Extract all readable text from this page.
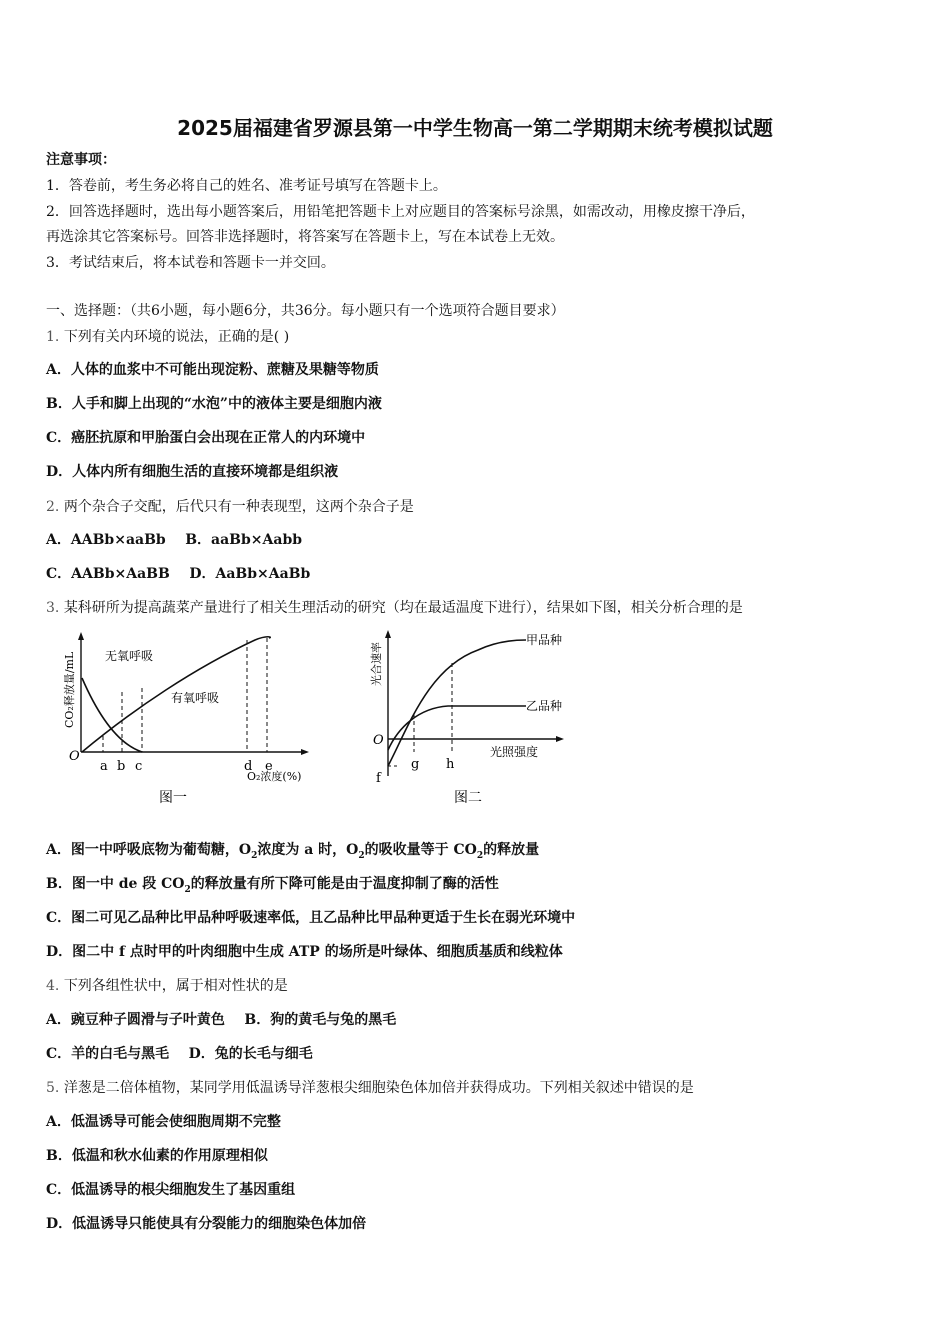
2025届福建省罗源县第一中学生物高一第二学期期末统考模拟试题
注意事项：
1．答卷前，考生务必将自己的姓名、准考证号填写在答题卡上。
2．回答选择题时，选出每小题答案后，用铅笔把答题卡上对应题目的答案标号涂黑，如需改动，用橡皮擦干净后，
再选涂其它答案标号。回答非选择题时，将答案写在答题卡上，写在本试卷上无效。
3．考试结束后，将本试卷和答题卡一并交回。
一、选择题：（共6小题，每小题6分，共36分。每小题只有一个选项符合题目要求）
1. 下列有关内环境的说法，正确的是( )
A．人体的血浆中不可能出现淀粉、蔗糖及果糖等物质
B．人手和脚上出现的“水泡”中的液体主要是细胞内液
C．癌胚抗原和甲胎蛋白会出现在正常人的内环境中
D．人体内所有细胞生活的直接环境都是组织液
2. 两个杂合子交配，后代只有一种表现型，这两个杂合子是
A．AABb×aaBb    B．aaBb×Aabb
C．AABb×AaBB    D．AaBb×AaBb
3. 某科研所为提高蔬菜产量进行了相关生理活动的研究（均在最适温度下进行），结果如下图，相关分析合理的是
O
CO₂释放量/mL 无氧呼吸
有氧呼吸
a b c	d e
O₂浓度(%)
图一
O
光合速率
甲品种
乙品种
光照强度
f
g h
图二
A．图一中呼吸底物为葡萄糖，$O_2$浓度为 a 时，$O_2$的吸收量等于 $CO_2$的释放量
B．图一中 de 段 $CO_2$的释放量有所下降可能是由于温度抑制了酶的活性
C．图二可见乙品种比甲品种呼吸速率低，且乙品种比甲品种更适于生长在弱光环境中
D．图二中 f 点时甲的叶肉细胞中生成 ATP 的场所是叶绿体、细胞质基质和线粒体
4. 下列各组性状中，属于相对性状的是
A．豌豆种子圆滑与子叶黄色    B．狗的黄毛与兔的黑毛
C．羊的白毛与黑毛    D．兔的长毛与细毛
5. 洋葱是二倍体植物，某同学用低温诱导洋葱根尖细胞染色体加倍并获得成功。下列相关叙述中错误的是
A．低温诱导可能会使细胞周期不完整
B．低温和秋水仙素的作用原理相似
C．低温诱导的根尖细胞发生了基因重组
D．低温诱导只能使具有分裂能力的细胞染色体加倍
